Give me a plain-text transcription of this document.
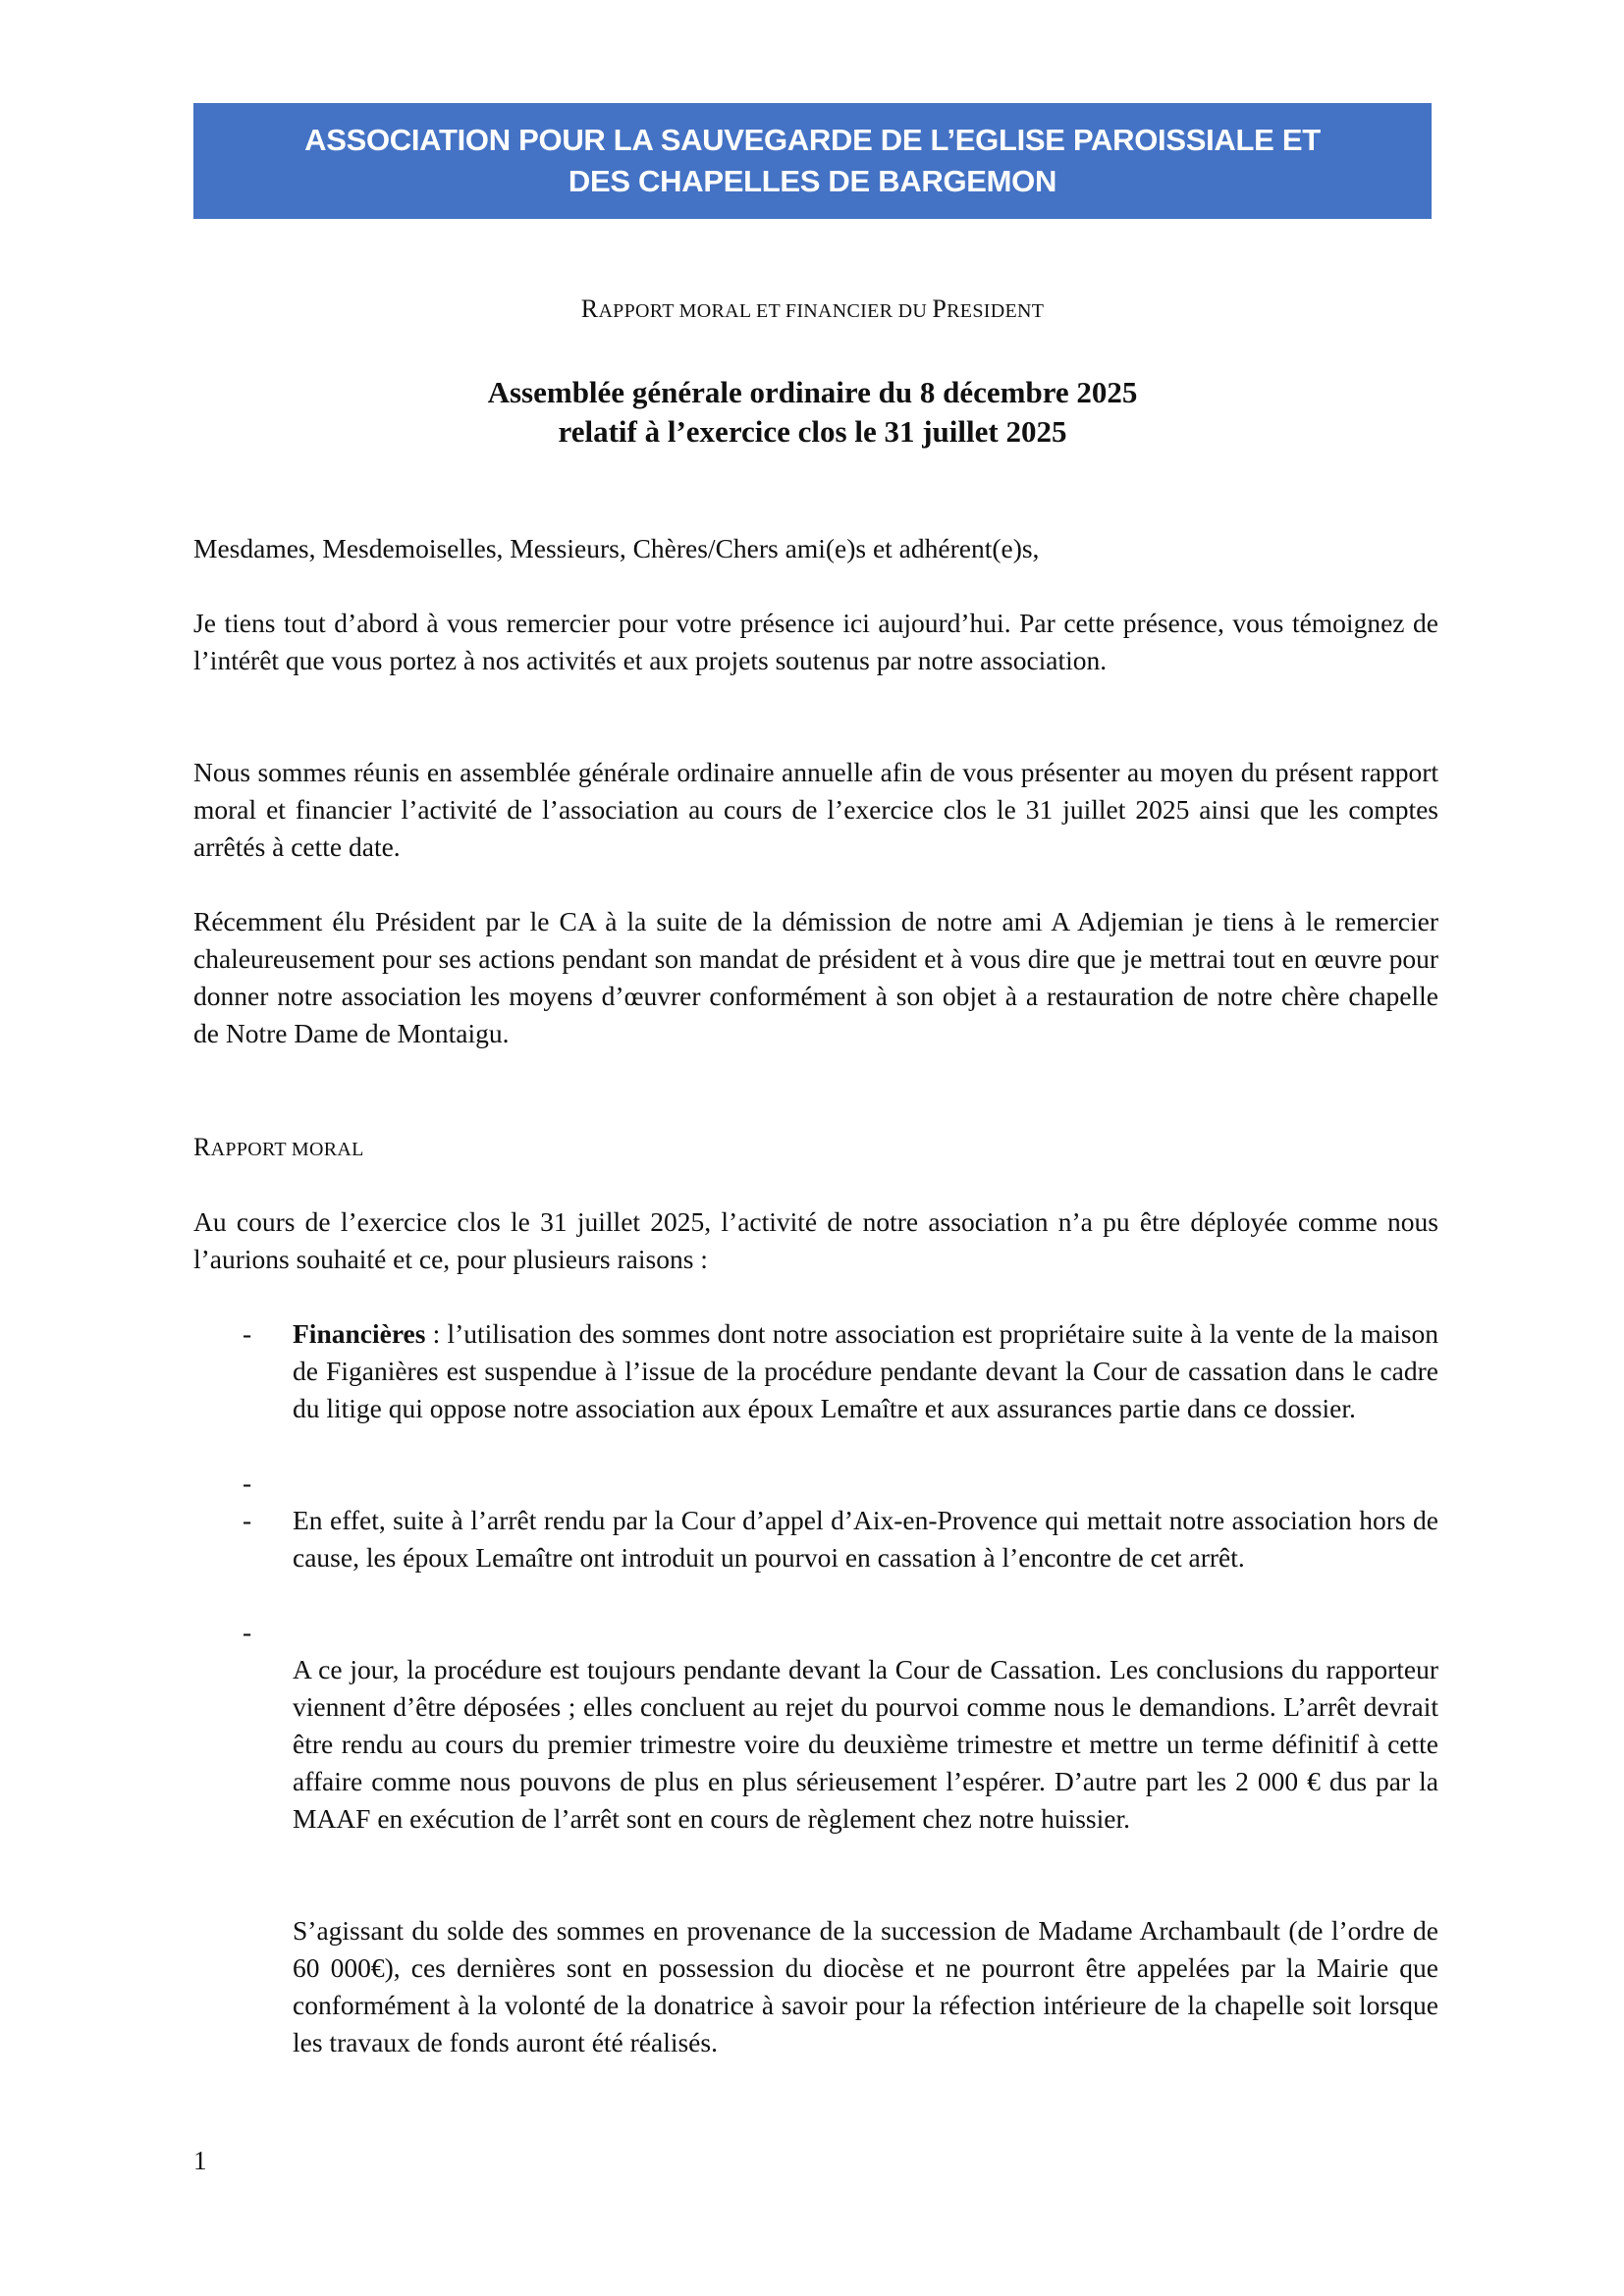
ASSOCIATION POUR LA SAUVEGARDE DE L’EGLISE PAROISSIALE ET
DES CHAPELLES DE BARGEMON
RAPPORT MORAL ET FINANCIER DU PRESIDENT
Assemblée générale ordinaire du 8 décembre 2025
relatif à l’exercice clos le 31 juillet 2025

Mesdames, Mesdemoiselles, Messieurs, Chères/Chers ami(e)s et adhérent(e)s,

Je tiens tout d’abord à vous remercier pour votre présence ici aujourd’hui. Par cette présence, vous témoignez de l’intérêt que vous portez à nos activités et aux projets soutenus par notre association.

Nous sommes réunis en assemblée générale ordinaire annuelle afin de vous présenter au moyen du présent rapport moral et financier l’activité de l’association au cours de l’exercice clos le 31 juillet 2025 ainsi que les comptes arrêtés à cette date.

Récemment élu Président par le CA à la suite de la démission de notre ami A Adjemian je tiens à le remercier chaleureusement pour ses actions pendant son mandat de président et à vous dire que je mettrai tout en œuvre pour donner notre association les moyens d’œuvrer conformément à son objet à a restauration de notre chère chapelle de Notre Dame de Montaigu.

RAPPORT MORAL

Au cours de l’exercice clos le 31 juillet 2025, l’activité de notre association n’a pu être déployée comme nous l’aurions souhaité et ce, pour plusieurs raisons :

-	Financières : l’utilisation des sommes dont notre association est propriétaire suite à la vente de la maison de Figanières est suspendue à l’issue de la procédure pendante devant la Cour de cassation dans le cadre du litige qui oppose notre association aux époux Lemaître et aux assurances partie dans ce dossier.
-
-	En effet, suite à l’arrêt rendu par la Cour d’appel d’Aix-en-Provence qui mettait notre association hors de cause, les époux Lemaître ont introduit un pourvoi en cassation à l’encontre de cet arrêt.
-
A ce jour, la procédure est toujours pendante devant la Cour de Cassation. Les conclusions du rapporteur viennent d’être déposées ; elles concluent au rejet du pourvoi comme nous le demandions. L’arrêt devrait être rendu au cours du premier trimestre voire du deuxième trimestre et mettre un terme définitif à cette affaire comme nous pouvons de plus en plus sérieusement l’espérer. D’autre part les 2 000 € dus par la MAAF en exécution de l’arrêt sont en cours de règlement chez notre huissier.
S’agissant du solde des sommes en provenance de la succession de Madame Archambault (de l’ordre de 60 000€), ces dernières sont en possession du diocèse et ne pourront être appelées par la Mairie que conformément à la volonté de la donatrice à savoir pour la réfection intérieure de la chapelle soit lorsque les travaux de fonds auront été réalisés.
1
